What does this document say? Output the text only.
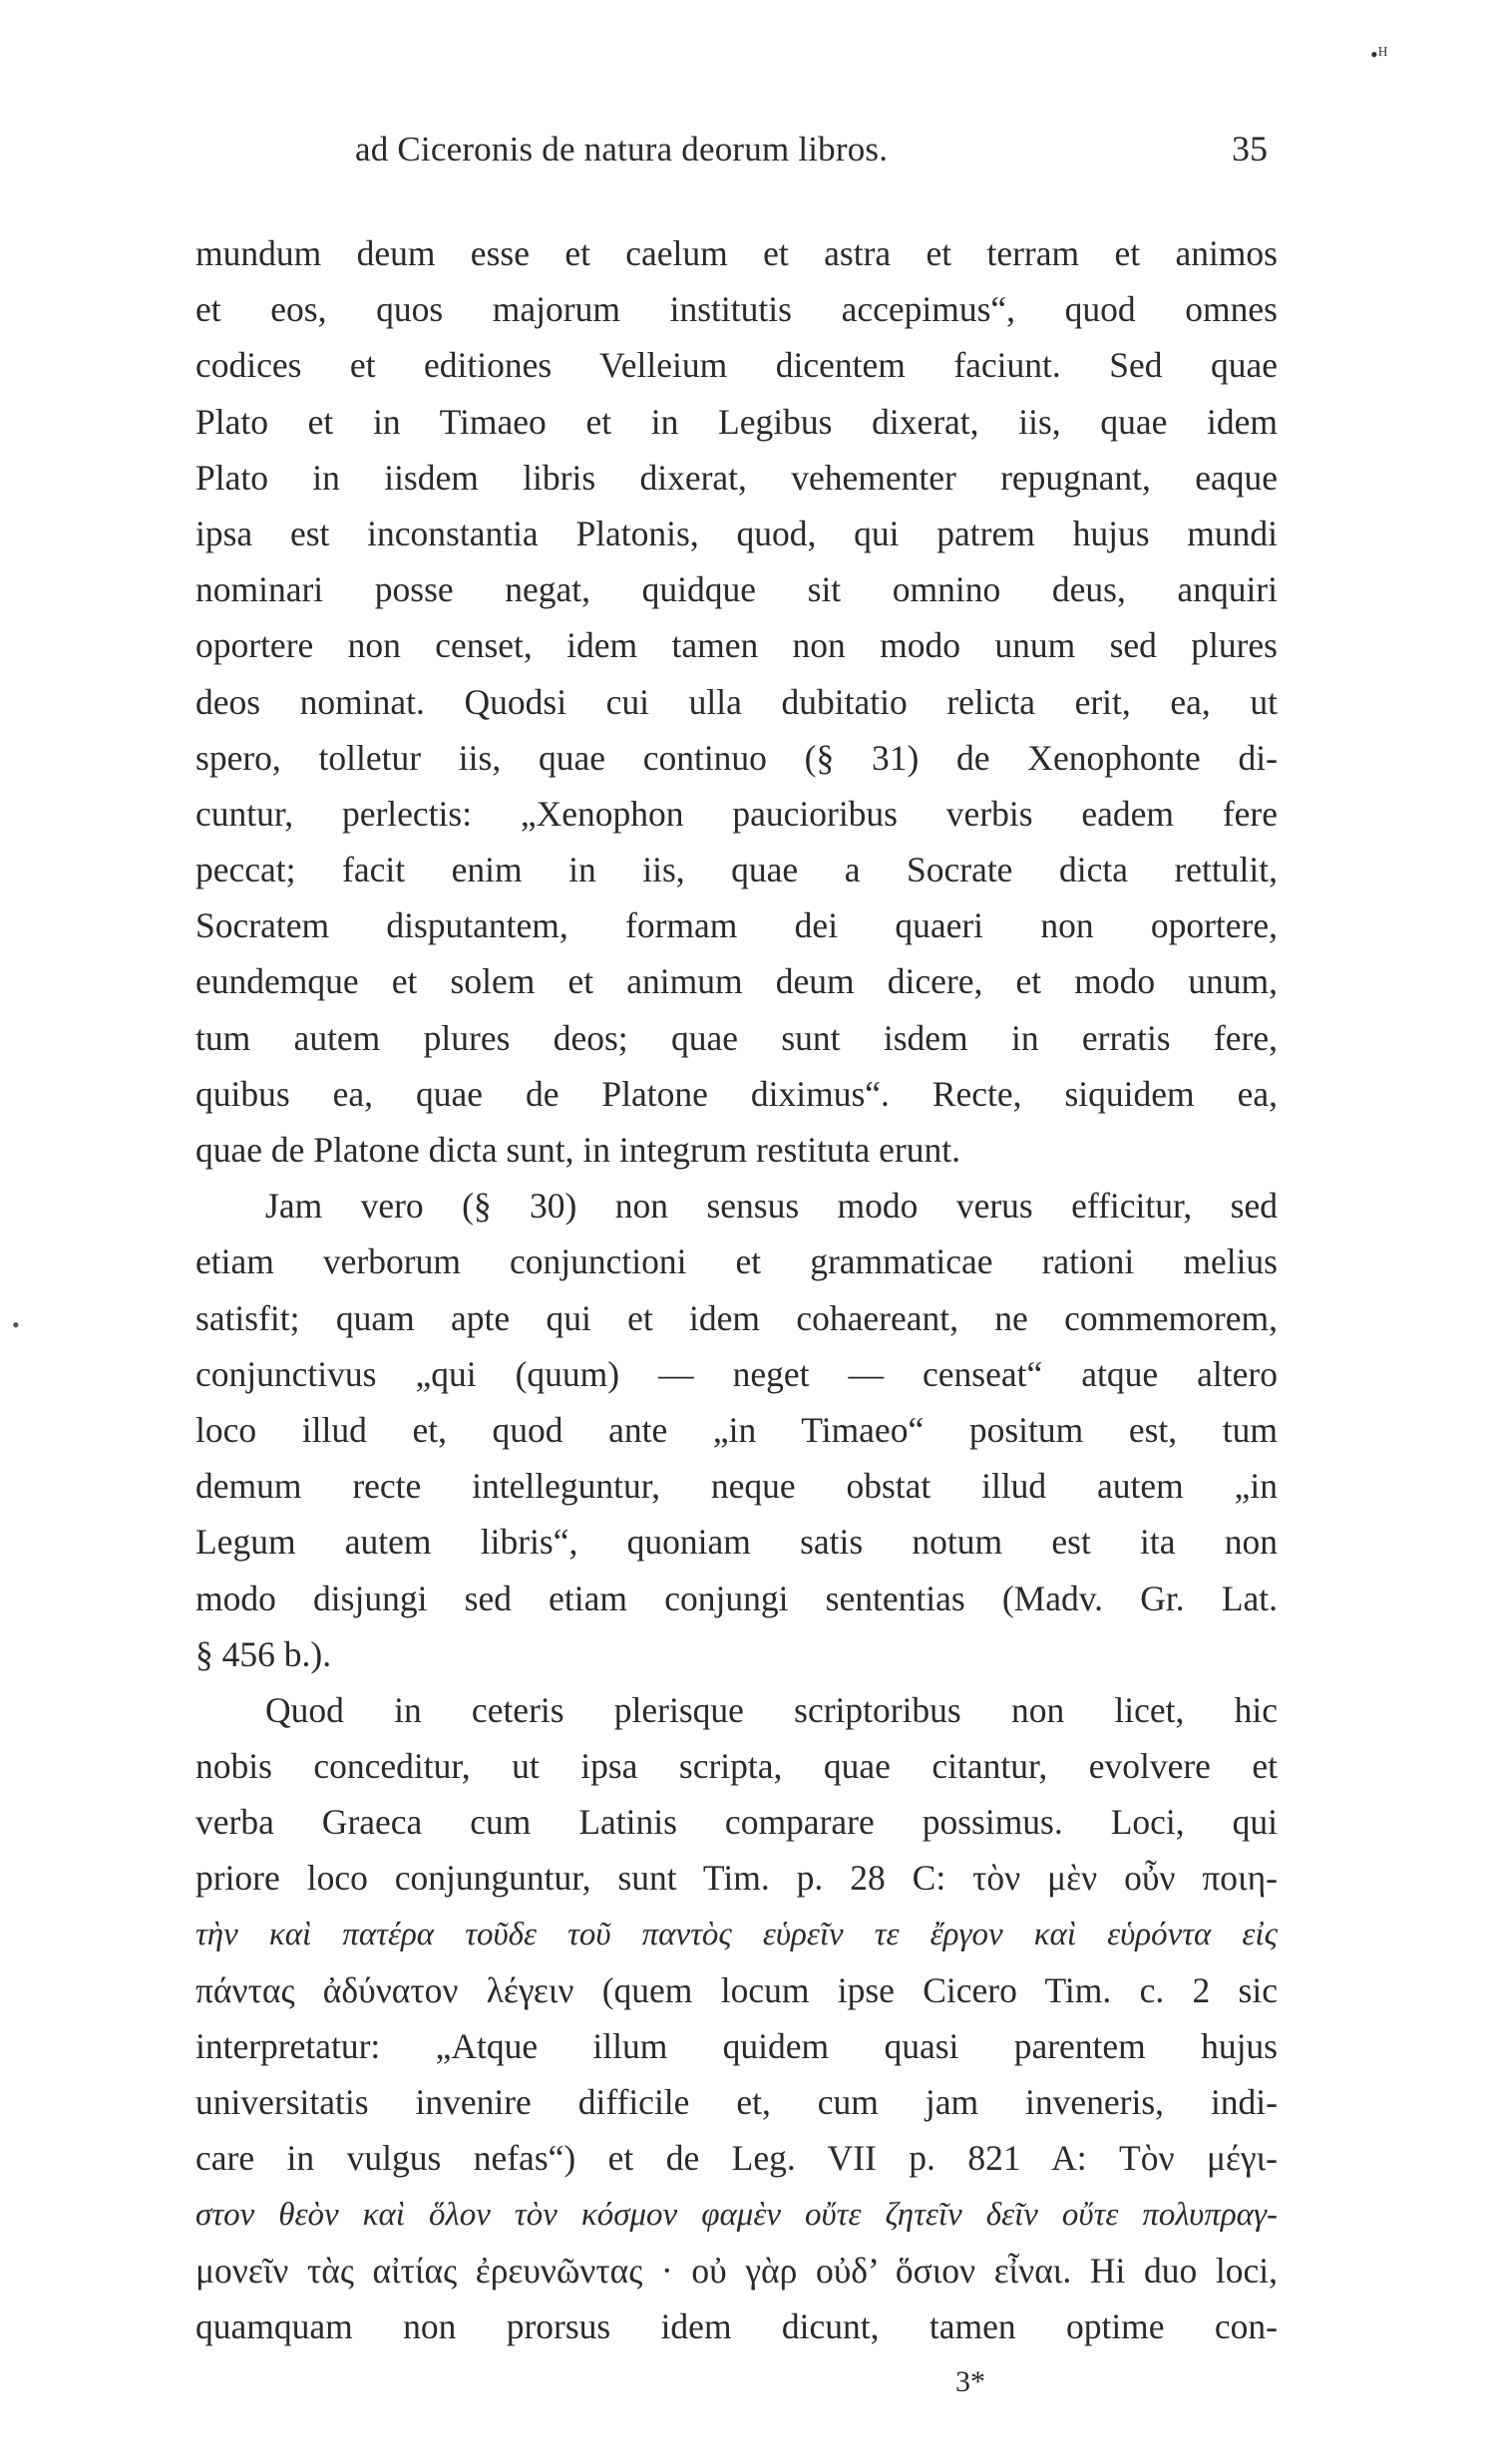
•ᴴ
ad Ciceronis de natura deorum libros.	35
•
mundum deum esse et caelum et astra et terram et animos
et eos, quos majorum institutis accepimus“, quod omnes
codices et editiones Velleium dicentem faciunt. Sed quae
Plato et in Timaeo et in Legibus dixerat, iis, quae idem
Plato in iisdem libris dixerat, vehementer repugnant, eaque
ipsa est inconstantia Platonis, quod, qui patrem hujus mundi
nominari posse negat, quidque sit omnino deus, anquiri
oportere non censet, idem tamen non modo unum sed plures
deos nominat. Quodsi cui ulla dubitatio relicta erit, ea, ut
spero, tolletur iis, quae continuo (§ 31) de Xenophonte di-
cuntur, perlectis: „Xenophon paucioribus verbis eadem fere
peccat; facit enim in iis, quae a Socrate dicta rettulit,
Socratem disputantem, formam dei quaeri non oportere,
eundemque et solem et animum deum dicere, et modo unum,
tum autem plures deos; quae sunt isdem in erratis fere,
quibus ea, quae de Platone diximus“. Recte, siquidem ea,
quae de Platone dicta sunt, in integrum restituta erunt.
Jam vero (§ 30) non sensus modo verus efficitur, sed
etiam verborum conjunctioni et grammaticae rationi melius
satisfit; quam apte qui et idem cohaereant, ne commemorem,
conjunctivus „qui (quum) — neget — censeat“ atque altero
loco illud et, quod ante „in Timaeo“ positum est, tum
demum recte intelleguntur, neque obstat illud autem „in
Legum autem libris“, quoniam satis notum est ita non
modo disjungi sed etiam conjungi sententias (Madv. Gr. Lat.
§ 456 b.).
Quod in ceteris plerisque scriptoribus non licet, hic
nobis conceditur, ut ipsa scripta, quae citantur, evolvere et
verba Graeca cum Latinis comparare possimus. Loci, qui
priore loco conjunguntur, sunt Tim. p. 28 C: τὸν μὲν οὖν ποιη-
τὴν καὶ πατέρα τοῦδε τοῦ παντὸς εὑρεῖν τε ἔργον καὶ εὑρόντα εἰς
πάντας ἀδύνατον λέγειν (quem locum ipse Cicero Tim. c. 2 sic
interpretatur: „Atque illum quidem quasi parentem hujus
universitatis invenire difficile et, cum jam inveneris, indi-
care in vulgus nefas“) et de Leg. VII p. 821 A: Τὸν μέγι-
στον θεὸν καὶ ὅλον τὸν κόσμον φαμὲν οὔτε ζητεῖν δεῖν οὔτε πολυπραγ-
μονεῖν τὰς αἰτίας ἐρευνῶντας · οὐ γὰρ οὐδ’ ὅσιον εἶναι. Hi duo loci,
quamquam non prorsus idem dicunt, tamen optime con-
3*
